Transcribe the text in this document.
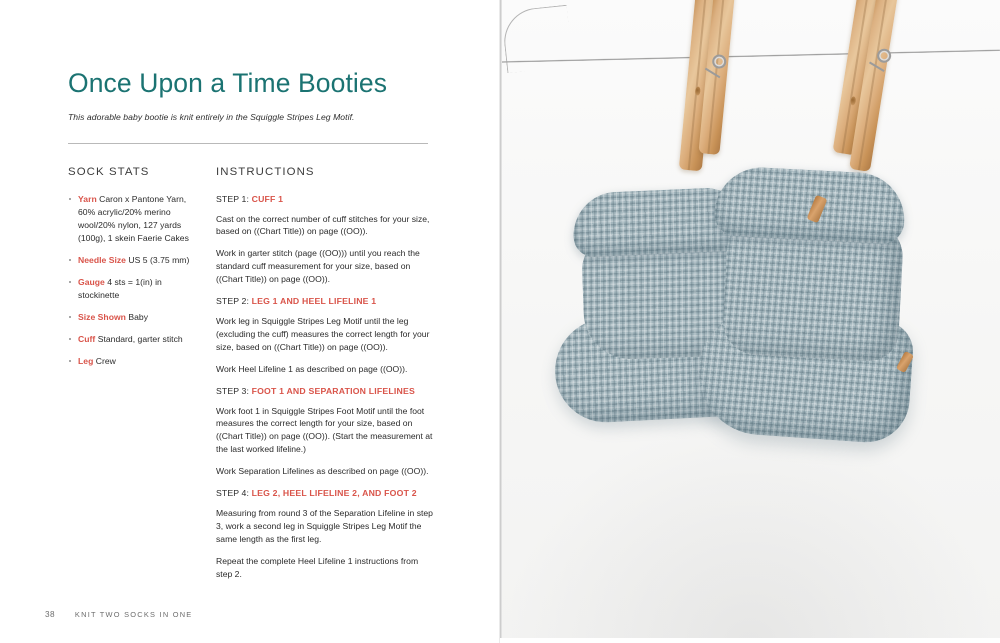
Once Upon a Time Booties

This adorable baby bootie is knit entirely in the Squiggle Stripes Leg Motif.

SOCK STATS
Yarn Caron x Pantone Yarn, 60% acrylic/20% merino wool/20% nylon, 127 yards (100g), 1 skein Faerie Cakes
Needle Size US 5 (3.75 mm)
Gauge 4 sts = 1(in) in stockinette
Size Shown Baby
Cuff Standard, garter stitch
Leg Crew
INSTRUCTIONS

STEP 1: CUFF 1

Cast on the correct number of cuff stitches for your size, based on ((Chart Title)) on page ((OO)).

Work in garter stitch (page ((OO))) until you reach the standard cuff measurement for your size, based on ((Chart Title)) on page ((OO)).

STEP 2: LEG 1 AND HEEL LIFELINE 1

Work leg in Squiggle Stripes Leg Motif until the leg (excluding the cuff) measures the correct length for your size, based on ((Chart Title)) on page ((OO)).

Work Heel Lifeline 1 as described on page ((OO)).

STEP 3: FOOT 1 AND SEPARATION LIFELINES

Work foot 1 in Squiggle Stripes Foot Motif until the foot measures the correct length for your size, based on ((Chart Title)) on page ((OO)). (Start the measurement at the last worked lifeline.)

Work Separation Lifelines as described on page ((OO)).

STEP 4: LEG 2, HEEL LIFELINE 2, AND FOOT 2

Measuring from round 3 of the Separation Lifeline in step 3, work a second leg in Squiggle Stripes Leg Motif the same length as the first leg.

Repeat the complete Heel Lifeline 1 instructions from step 2.

38	KNIT TWO SOCKS IN ONE
